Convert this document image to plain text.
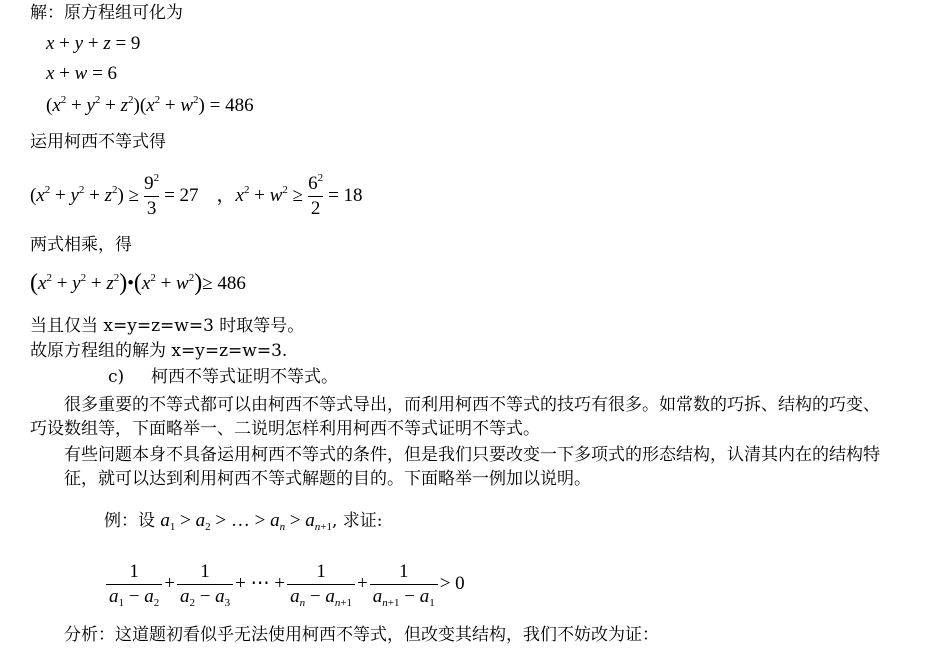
解：原方程组可化为
x + y + z = 9
x + w = 6
$(x^2 + y^2 + z^2)(x^2 + w^2) = 486$
运用柯西不等式得
$(x^2 + y^2 + z^2) \ge \frac{9^2}{3} = 27$ ， $x^2 + w^2 \ge \frac{6^2}{2} = 18$
两式相乘，得
($x^2 + y^2$ + $z^2)•(x^2 + w^2)\ge 486$
当且仅当 x=y=z=w=3 时取等号。
故原方程组的解为 x=y=z=w=3.
c) 柯西不等式证明不等式。
很多重要的不等式都可以由柯西不等式导出，而利用柯西不等式的技巧有很多。如常数的巧拆、结构的巧变、
巧设数组等，下面略举一、二说明怎样利用柯西不等式证明不等式。
有些问题本身不具备运用柯西不等式的条件，但是我们只要改变一下多项式的形态结构，认清其内在的结构特
征，就可以达到利用柯西不等式解题的目的。下面略举一例加以说明。
例：设 $a_1 > a_2$ > … > $a_n > a_{n+1}$, 求证:
$\frac{1}{a_1 - a_2} + \frac{1}{a_2 - a_3}$ + ⋯ + $\frac{1}{a_n - a_{n+1}} + \frac{1}{a_{n+1} - a_1} > 0$
分析：这道题初看似乎无法使用柯西不等式，但改变其结构，我们不妨改为证：
